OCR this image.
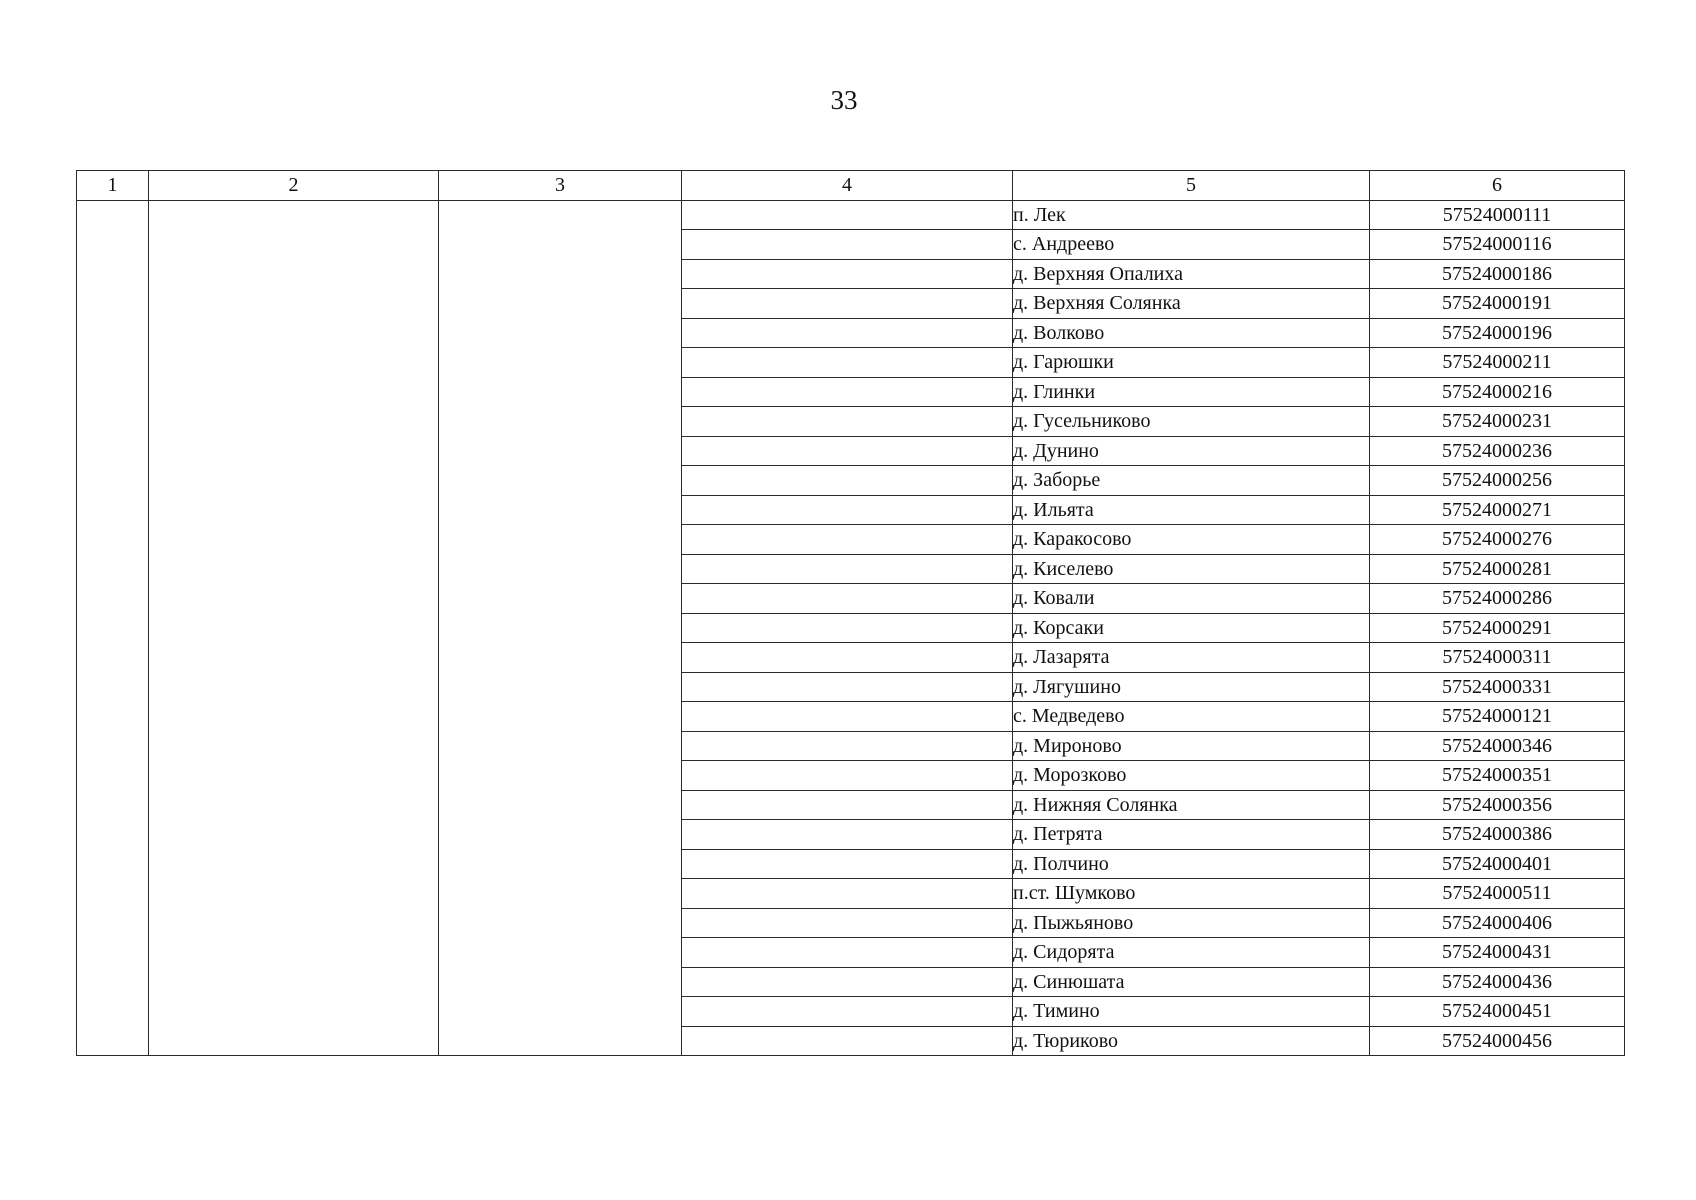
33
1	2	3	4	5	6
				п. Лек	57524000111
				с. Андреево	57524000116
				д. Верхняя Опалиха	57524000186
				д. Верхняя Солянка	57524000191
				д. Волково	57524000196
				д. Гарюшки	57524000211
				д. Глинки	57524000216
				д. Гусельниково	57524000231
				д. Дунино	57524000236
				д. Заборье	57524000256
				д. Ильята	57524000271
				д. Каракосово	57524000276
				д. Киселево	57524000281
				д. Ковали	57524000286
				д. Корсаки	57524000291
				д. Лазарята	57524000311
				д. Лягушино	57524000331
				с. Медведево	57524000121
				д. Мироново	57524000346
				д. Морозково	57524000351
				д. Нижняя Солянка	57524000356
				д. Петрята	57524000386
				д. Полчино	57524000401
				п.ст. Шумково	57524000511
				д. Пыжьяново	57524000406
				д. Сидорята	57524000431
				д. Синюшата	57524000436
				д. Тимино	57524000451
				д. Тюриково	57524000456
